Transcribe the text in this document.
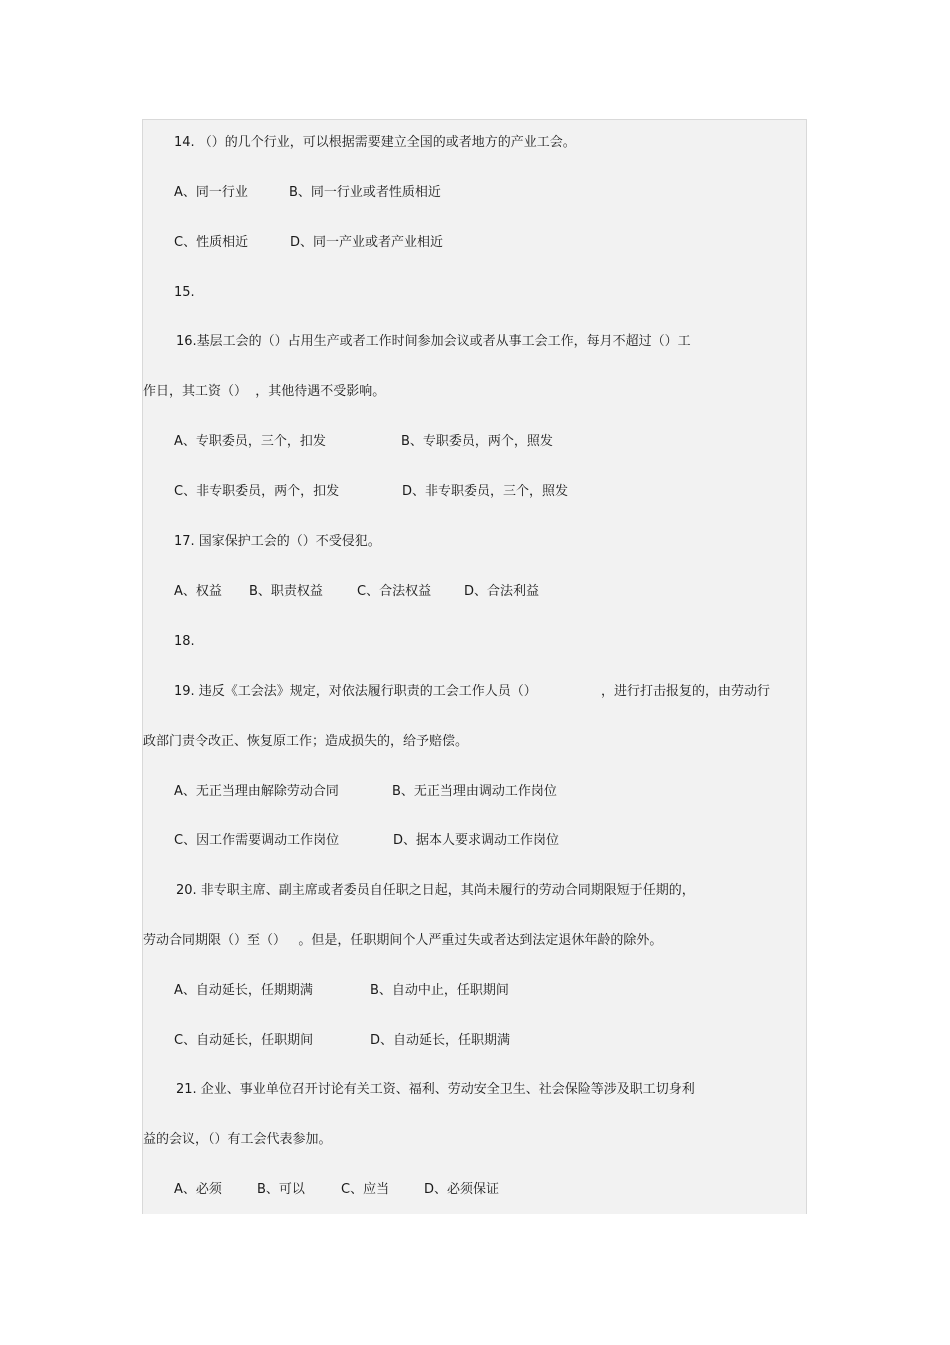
14. （）的几个行业，可以根据需要建立全国的或者地方的产业工会。
A、同一行业	B、同一行业或者性质相近
C、性质相近	D、同一产业或者产业相近
15.
16.基层工会的（）占用生产或者工作时间参加会议或者从事工会工作，每月不超过（）工
作日，其工资（）  ，其他待遇不受影响。
A、专职委员，三个，扣发	B、专职委员，两个，照发
C、非专职委员，两个，扣发	D、非专职委员，三个，照发
17. 国家保护工会的（）不受侵犯。
A、权益 B、职责权益	C、合法权益	D、合法利益
18.
19. 违反《工会法》规定，对依法履行职责的工会工作人员（）	，进行打击报复的，由劳动行
政部门责令改正、恢复原工作；造成损失的，给予赔偿。
A、无正当理由解除劳动合同	B、无正当理由调动工作岗位
C、因工作需要调动工作岗位	D、据本人要求调动工作岗位
20. 非专职主席、副主席或者委员自任职之日起，其尚未履行的劳动合同期限短于任期的，
劳动合同期限（）至（）   。但是，任职期间个人严重过失或者达到法定退休年龄的除外。
A、自动延长，任期期满	B、自动中止，任职期间
C、自动延长，任职期间	D、自动延长，任职期满
21. 企业、事业单位召开讨论有关工资、福利、劳动安全卫生、社会保险等涉及职工切身利
益的会议，（）有工会代表参加。
A、必须	B、可以	C、应当	D、必须保证
